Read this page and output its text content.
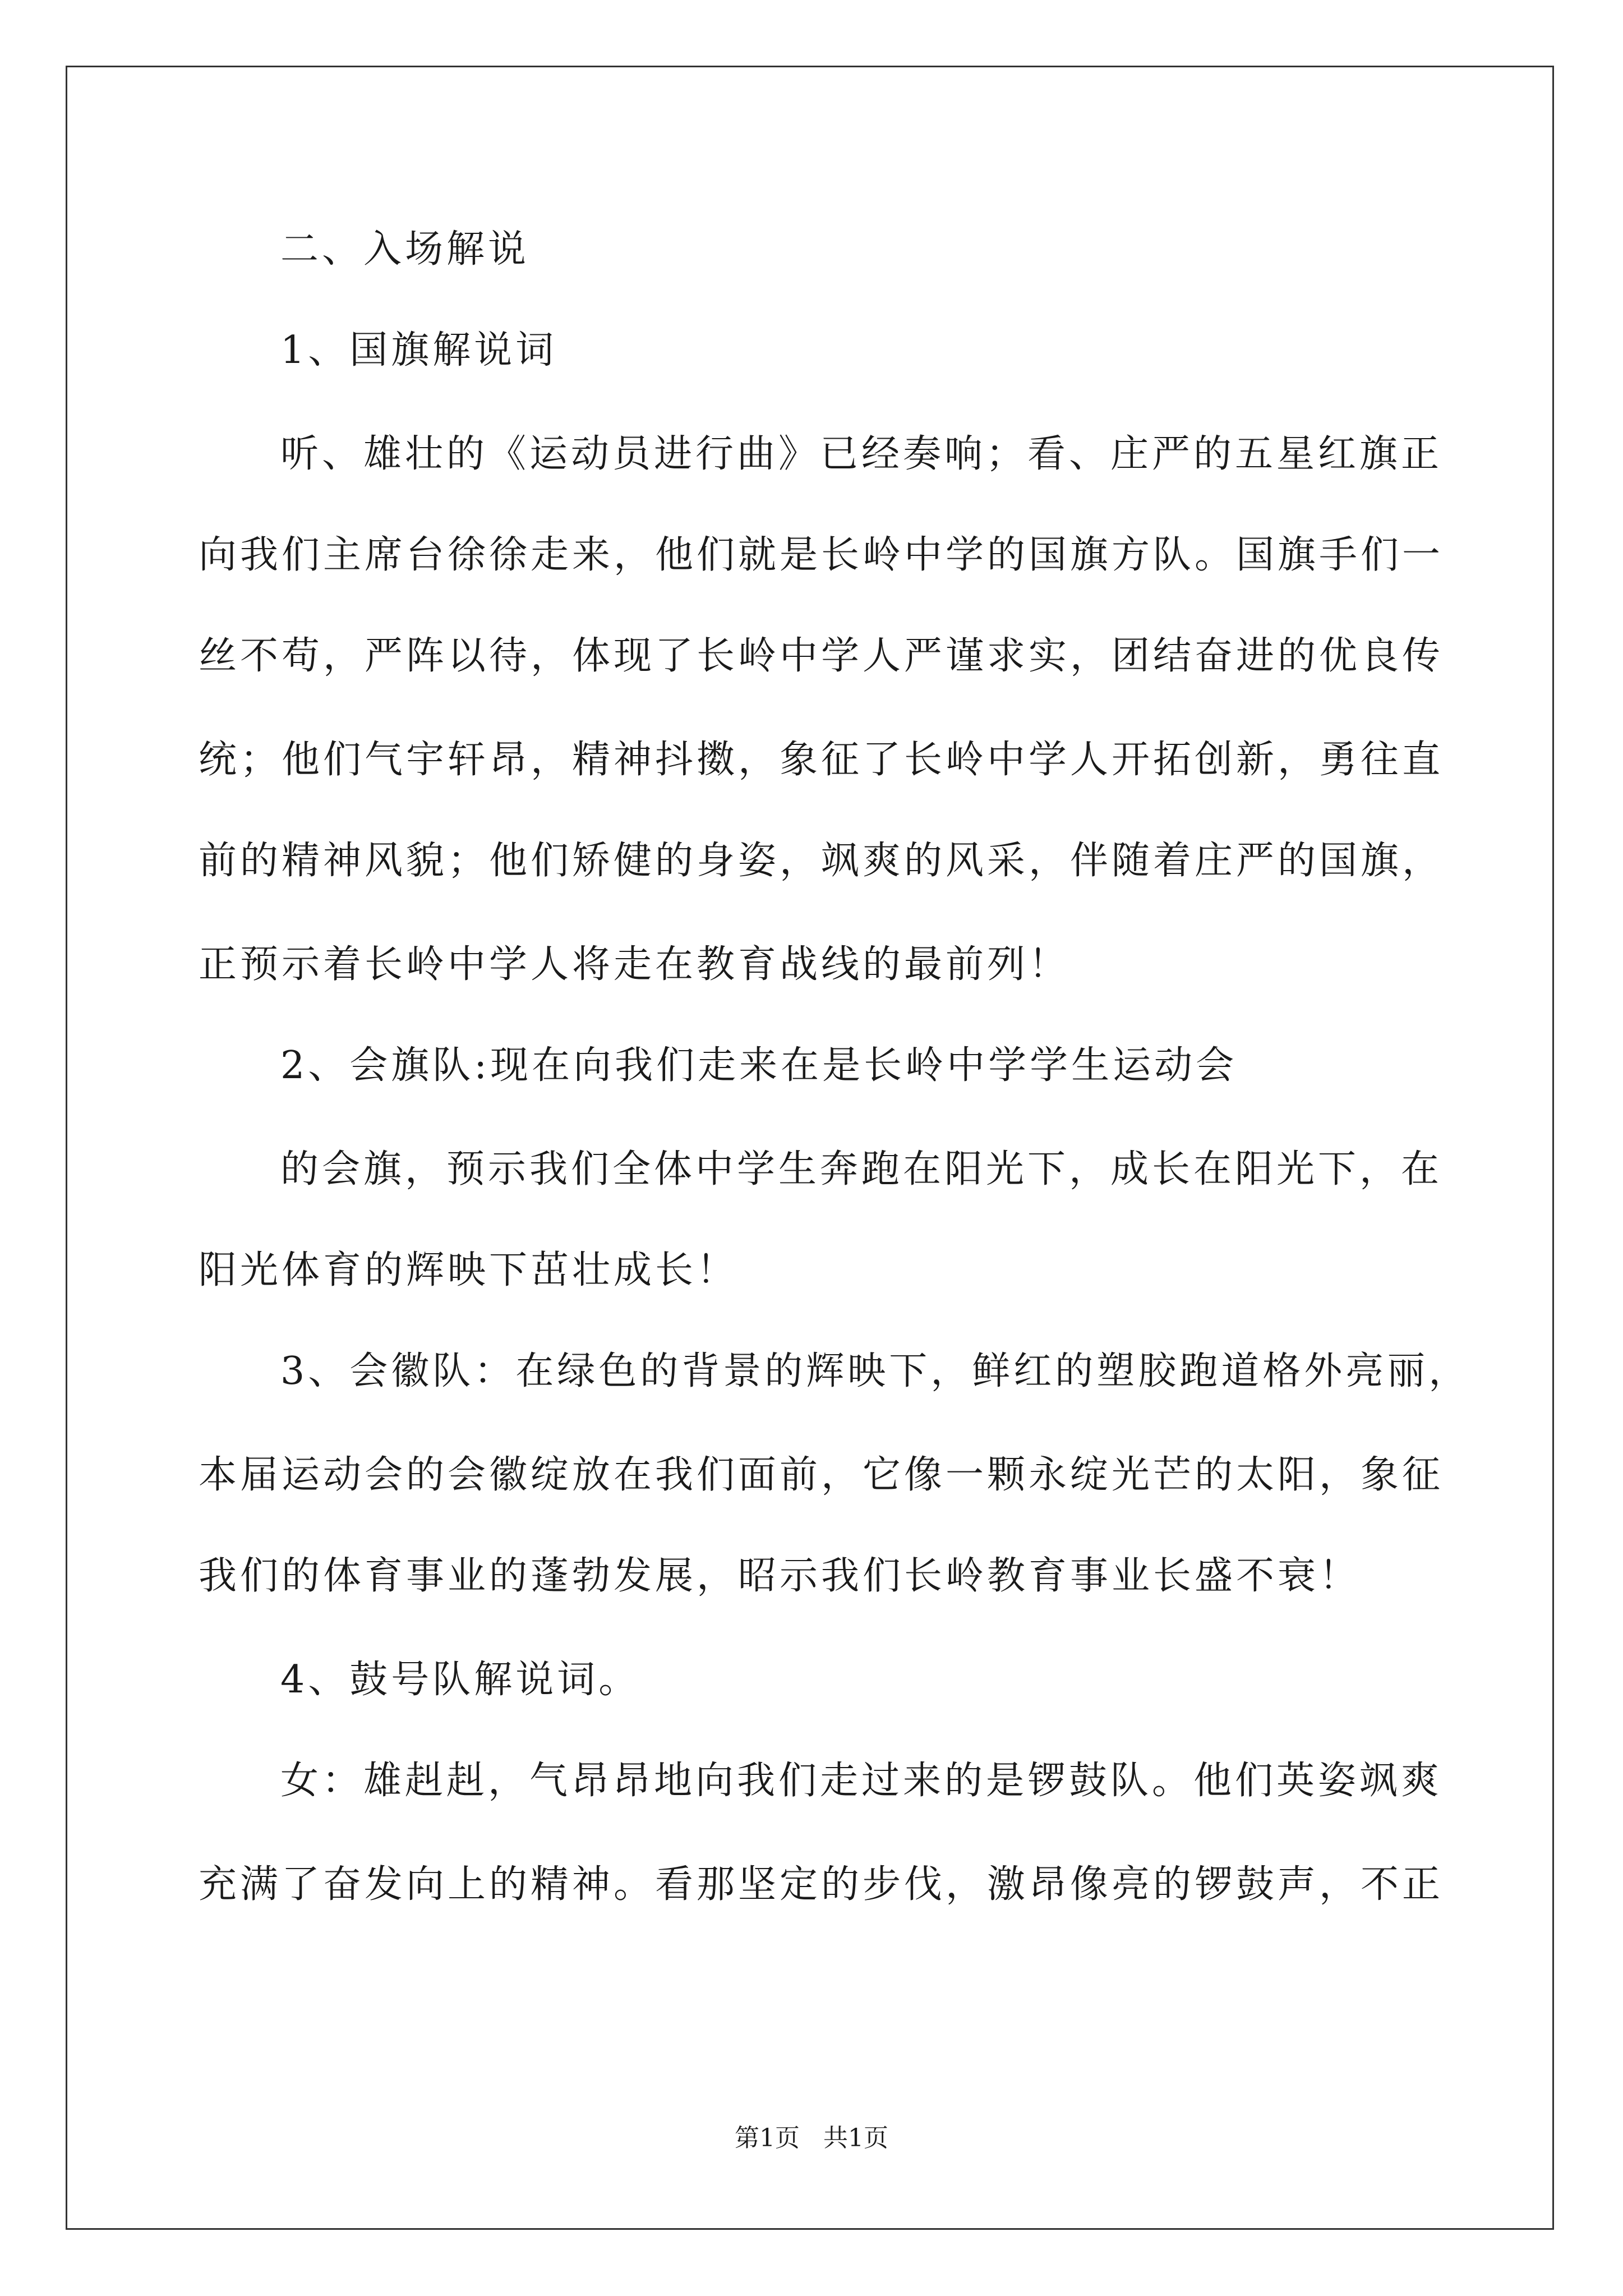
二、入场解说
1、国旗解说词
听、雄壮的《运动员进行曲》已经奏响；看、庄严的五星红旗正
向我们主席台徐徐走来，他们就是长岭中学的国旗方队。国旗手们一
丝不苟，严阵以待，体现了长岭中学人严谨求实，团结奋进的优良传
统；他们气宇轩昂，精神抖擞，象征了长岭中学人开拓创新，勇往直
前的精神风貌；他们矫健的身姿，飒爽的风采，伴随着庄严的国旗，
正预示着长岭中学人将走在教育战线的最前列！
2、会旗队:现在向我们走来在是长岭中学学生运动会
的会旗，预示我们全体中学生奔跑在阳光下，成长在阳光下，在
阳光体育的辉映下茁壮成长！
3、会徽队：在绿色的背景的辉映下，鲜红的塑胶跑道格外亮丽，
本届运动会的会徽绽放在我们面前，它像一颗永绽光芒的太阳，象征
我们的体育事业的蓬勃发展，昭示我们长岭教育事业长盛不衰！
4、鼓号队解说词。
女：雄赳赳，气昂昂地向我们走过来的是锣鼓队。他们英姿飒爽
充满了奋发向上的精神。看那坚定的步伐，激昂像亮的锣鼓声，不正
第1页 共1页
